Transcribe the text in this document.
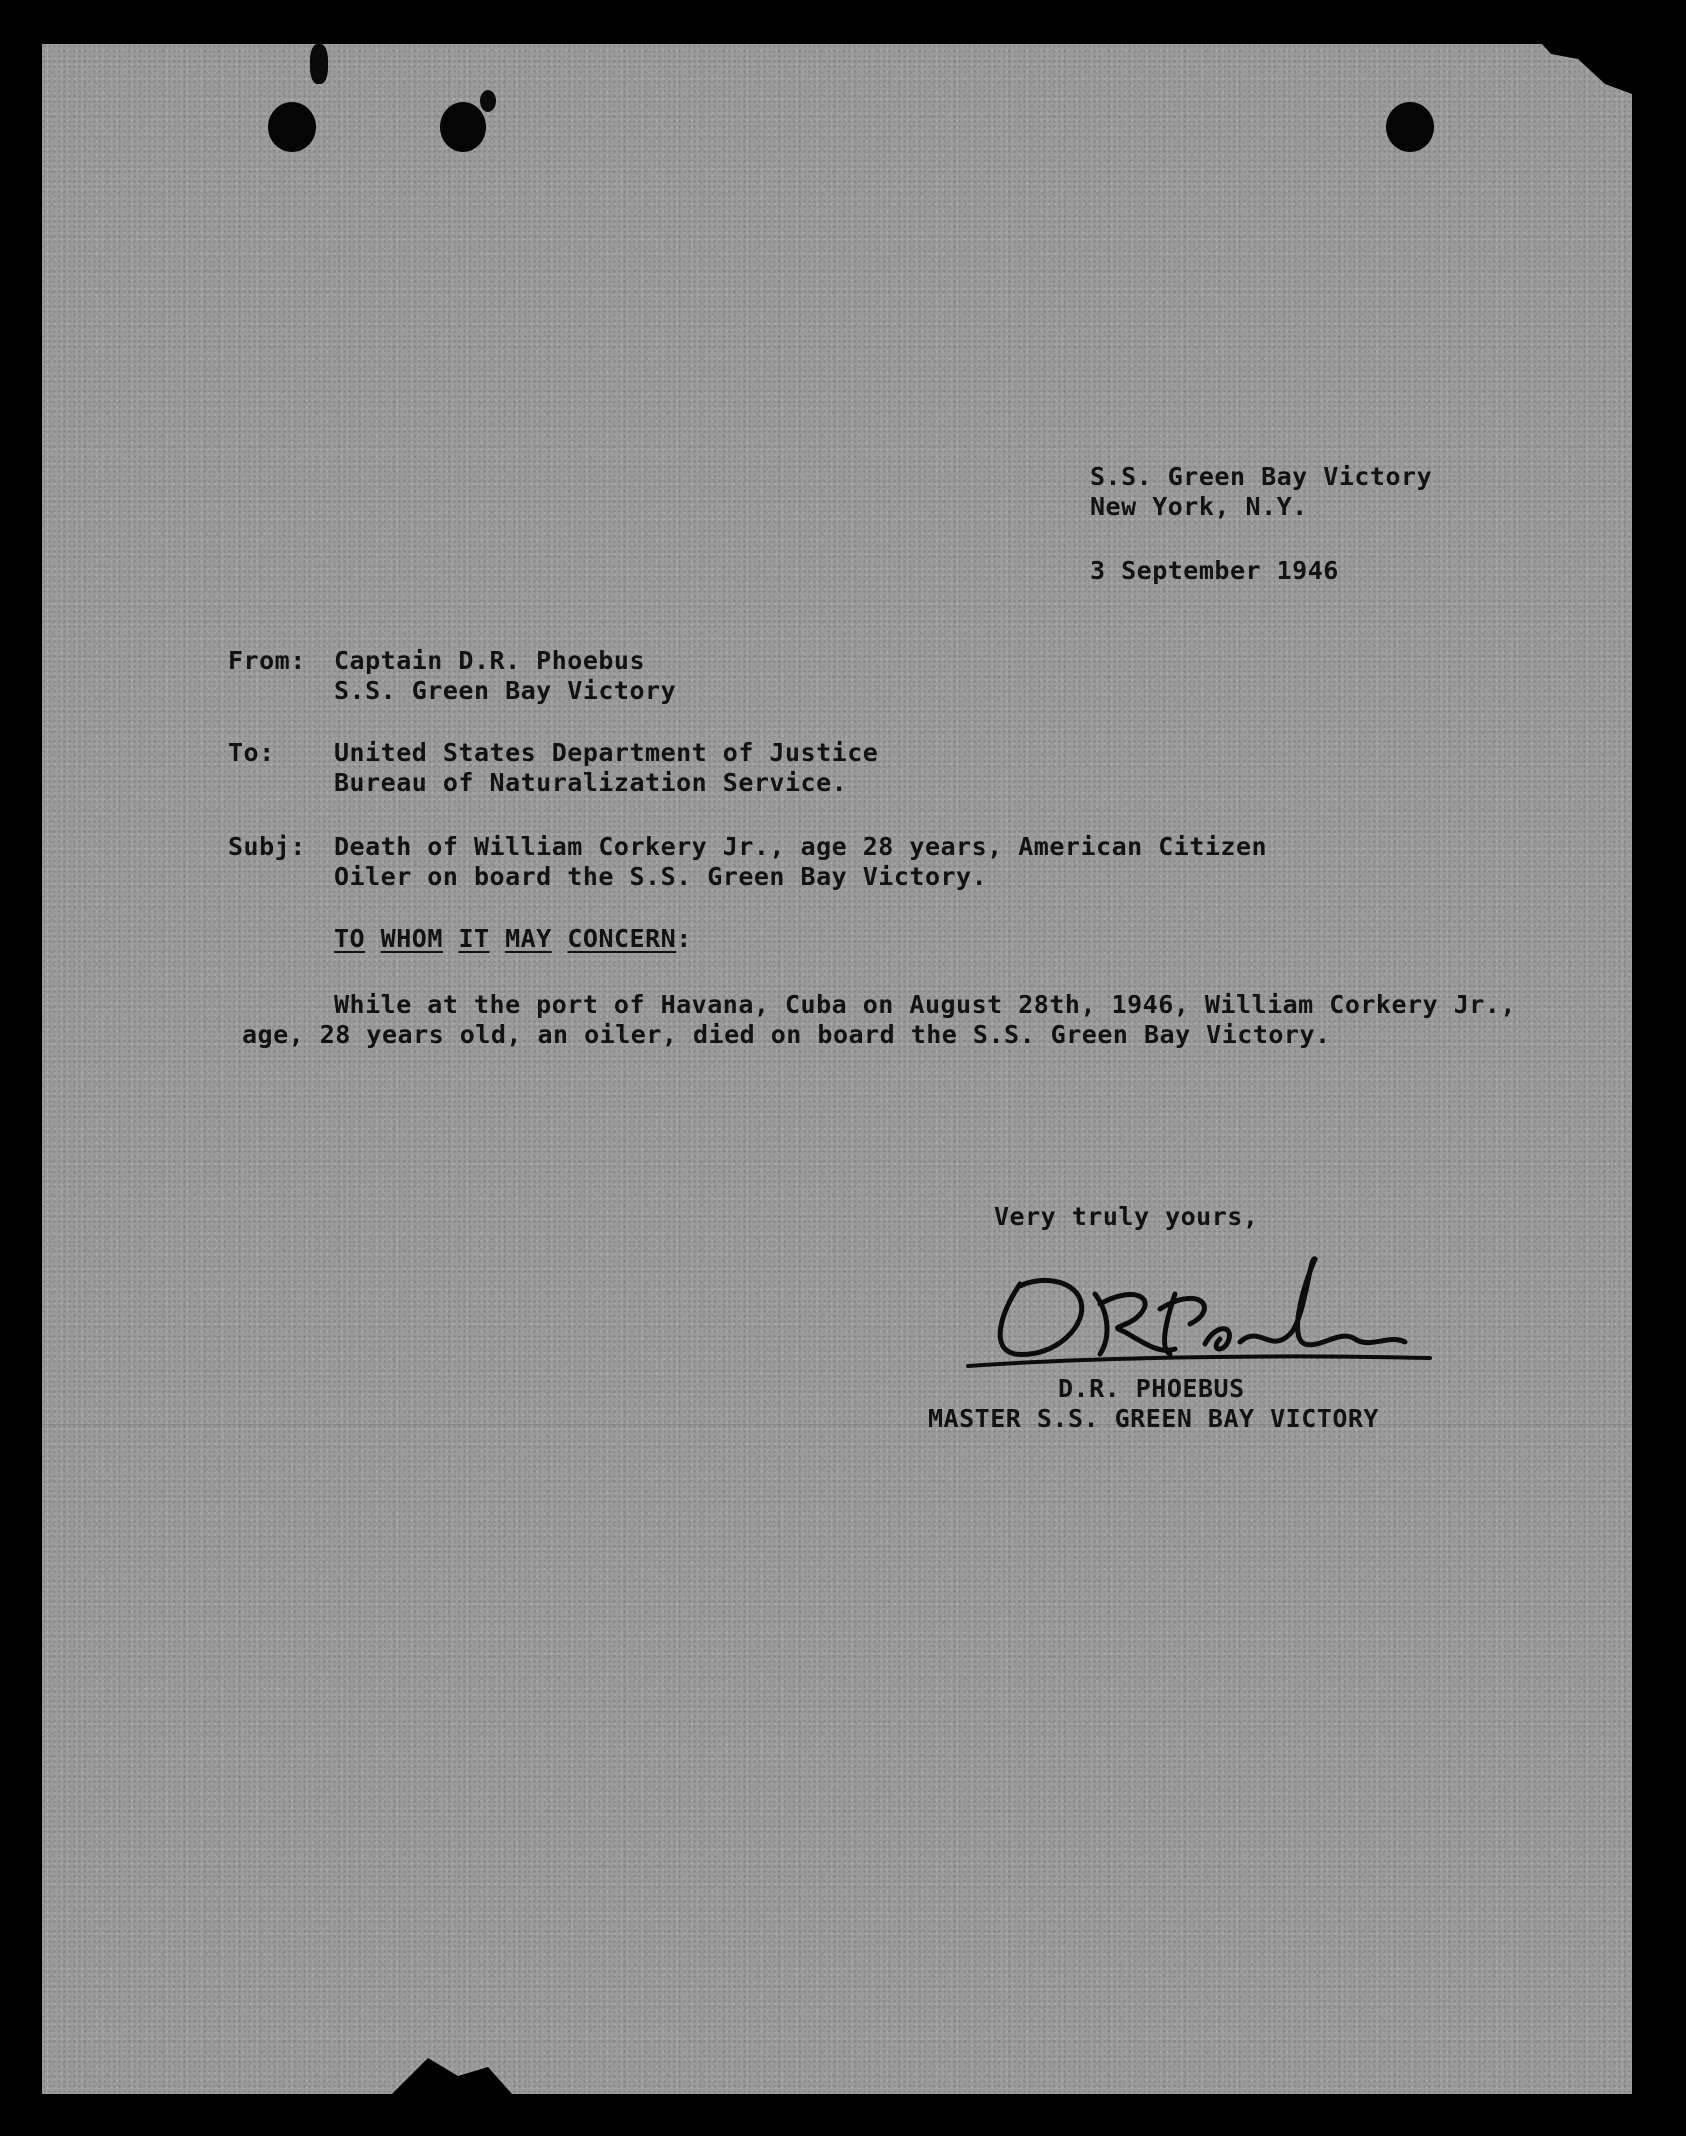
S.S. Green Bay Victory
New York, N.Y.
3 September 1946
From: Captain D.R. Phoebus
S.S. Green Bay Victory
To: United States Department of Justice
Bureau of Naturalization Service.
Subj: Death of William Corkery Jr., age 28 years, American Citizen
Oiler on board the S.S. Green Bay Victory.
TO WHOM IT MAY CONCERN:
While at the port of Havana, Cuba on August 28th, 1946, William Corkery Jr.,
age, 28 years old, an oiler, died on board the S.S. Green Bay Victory.
Very truly yours,
D.R. PHOEBUS
MASTER S.S. GREEN BAY VICTORY
